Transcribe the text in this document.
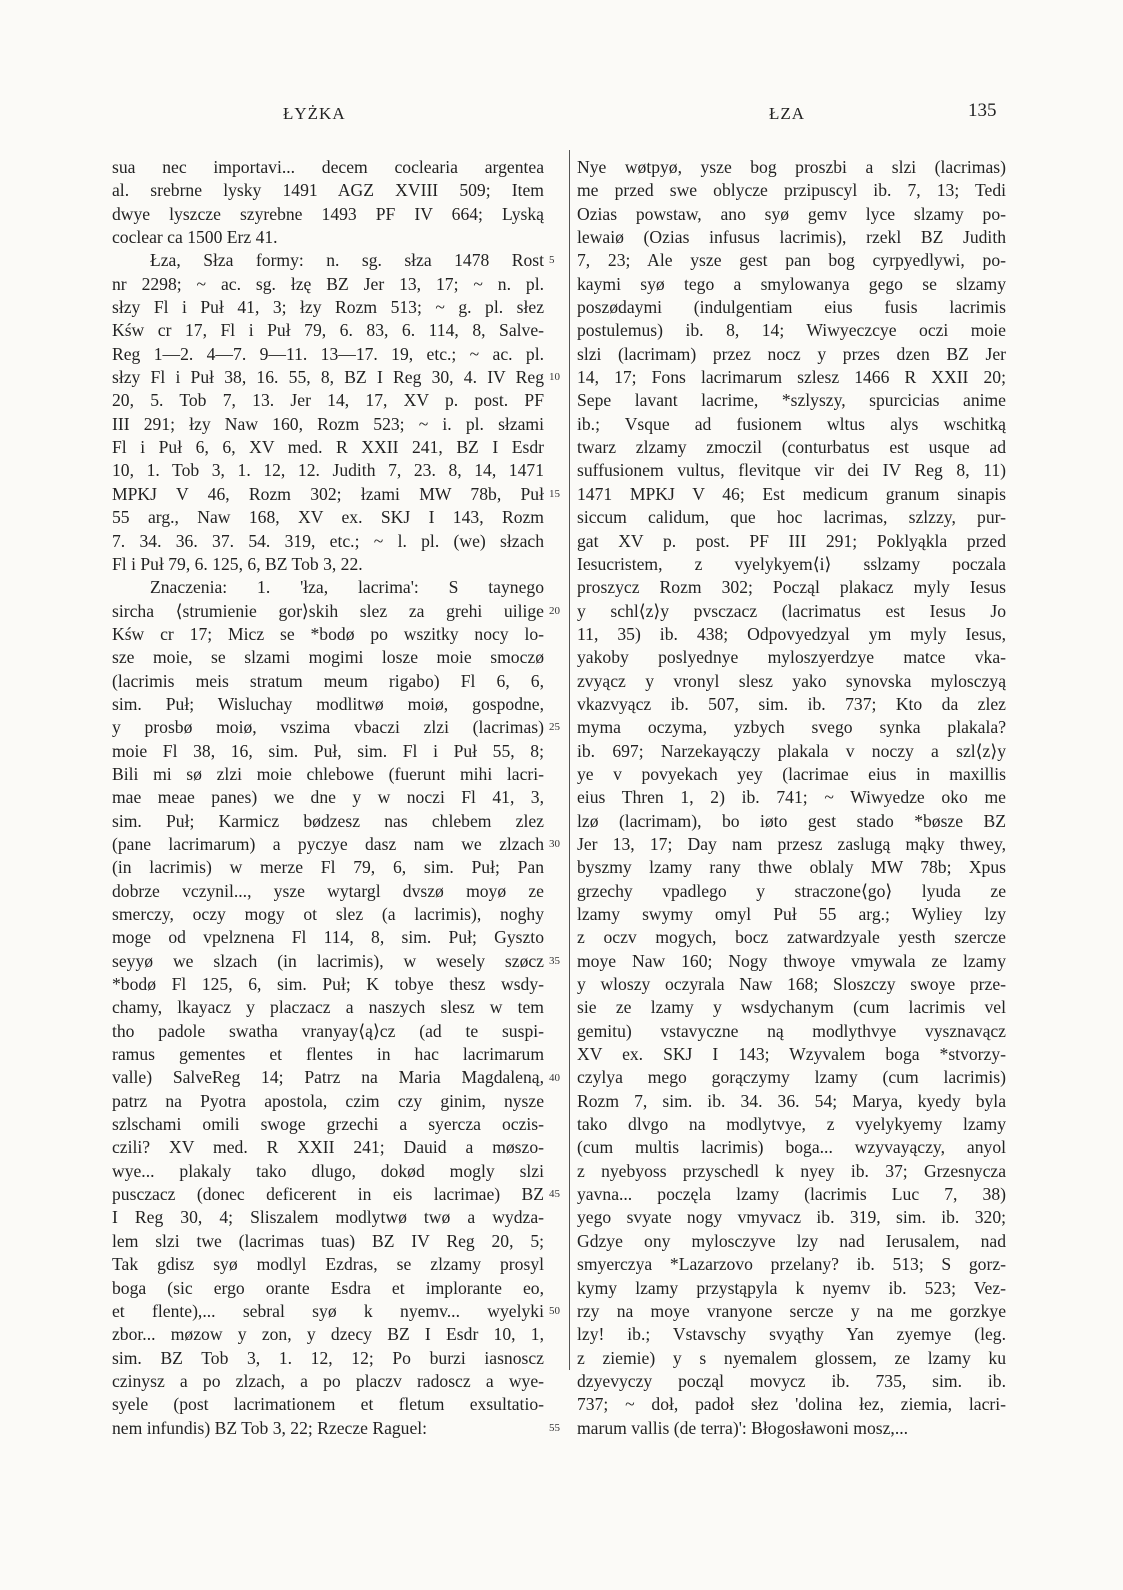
ŁYŻKA	ŁZA	135
sua nec importavi... decem coclearia argentea
al. srebrne lysky 1491 AGZ XVIII 509; Item
dwye lyszcze szyrebne 1493 PF IV 664; Lyską
coclear ca 1500 Erz 41.
Łza, Słza formy: n. sg. słza 1478 Rost
nr 2298; ~ ac. sg. łzę BZ Jer 13, 17; ~ n. pl.
słzy Fl i Puł 41, 3; łzy Rozm 513; ~ g. pl. słez
Kśw cr 17, Fl i Puł 79, 6. 83, 6. 114, 8, Salve-
Reg 1—2. 4—7. 9—11. 13—17. 19, etc.; ~ ac. pl.
słzy Fl i Puł 38, 16. 55, 8, BZ I Reg 30, 4. IV Reg
20, 5. Tob 7, 13. Jer 14, 17, XV p. post. PF
III 291; łzy Naw 160, Rozm 523; ~ i. pl. słzami
Fl i Puł 6, 6, XV med. R XXII 241, BZ I Esdr
10, 1. Tob 3, 1. 12, 12. Judith 7, 23. 8, 14, 1471
MPKJ V 46, Rozm 302; łzami MW 78b, Puł
55 arg., Naw 168, XV ex. SKJ I 143, Rozm
7. 34. 36. 37. 54. 319, etc.; ~ l. pl. (we) słzach
Fl i Puł 79, 6. 125, 6, BZ Tob 3, 22.
Znaczenia: 1. 'łza, lacrima': S taynego
sircha ⟨strumienie gor⟩skih slez za grehi uilige
Kśw cr 17; Micz se *bodø po wszitky nocy lo-
sze moie, se slzami mogimi losze moie smoczø
(lacrimis meis stratum meum rigabo) Fl 6, 6,
sim. Puł; Wisluchay modlitwø moiø, gospodne,
y prosbø moiø, vszima vbaczi zlzi (lacrimas)
moie Fl 38, 16, sim. Puł, sim. Fl i Puł 55, 8;
Bili mi sø zlzi moie chlebowe (fuerunt mihi lacri-
mae meae panes) we dne y w noczi Fl 41, 3,
sim. Puł; Karmicz bødzesz nas chlebem zlez
(pane lacrimarum) a pyczye dasz nam we zlzach
(in lacrimis) w merze Fl 79, 6, sim. Puł; Pan
dobrze vczynil..., ysze wytargl dvszø moyø ze
smerczy, oczy mogy ot slez (a lacrimis), noghy
moge od vpelznena Fl 114, 8, sim. Puł; Gyszto
seyyø we slzach (in lacrimis), w wesely szøcz
*bodø Fl 125, 6, sim. Puł; K tobye thesz wsdy-
chamy, lkayacz y placzacz a naszych slesz w tem
tho padole swatha vranyay⟨ą⟩cz (ad te suspi-
ramus gementes et flentes in hac lacrimarum
valle) SalveReg 14; Patrz na Maria Magdaleną,
patrz na Pyotra apostola, czim czy ginim, nysze
szlschami omili swoge grzechi a syercza oczis-
czili? XV med. R XXII 241; Dauid a møszo-
wye... plakaly tako dlugo, dokød mogly slzi
pusczacz (donec deficerent in eis lacrimae) BZ
I Reg 30, 4; Sliszalem modlytwø twø a wydza-
lem slzi twe (lacrimas tuas) BZ IV Reg 20, 5;
Tak gdisz syø modlyl Ezdras, se zlzamy prosyl
boga (sic ergo orante Esdra et implorante eo,
et flente),... sebral syø k nyemv... wyelyki
zbor... møzow y zon, y dzecy BZ I Esdr 10, 1,
sim. BZ Tob 3, 1. 12, 12; Po burzi iasnoscz
czinysz a po zlzach, a po placzv radoscz a wye-
syele (post lacrimationem et fletum exsultatio-
nem infundis) BZ Tob 3, 22; Rzecze Raguel:
5
10
15
20
25
30
35
40
45
50
55
Nye wøtpyø, ysze bog proszbi a slzi (lacrimas)
me przed swe oblycze przipuscyl ib. 7, 13; Tedi
Ozias powstaw, ano syø gemv lyce slzamy po-
lewaiø (Ozias infusus lacrimis), rzekl BZ Judith
7, 23; Ale ysze gest pan bog cyrpyedlywi, po-
kaymi syø tego a smylowanya gego se slzamy
poszødaymi (indulgentiam eius fusis lacrimis
postulemus) ib. 8, 14; Wiwyeczcye oczi moie
slzi (lacrimam) przez nocz y przes dzen BZ Jer
14, 17; Fons lacrimarum szlesz 1466 R XXII 20;
Sepe lavant lacrime, *szlyszy, spurcicias anime
ib.; Vsque ad fusionem wltus alys wschitką
twarz zlzamy zmoczil (conturbatus est usque ad
suffusionem vultus, flevitque vir dei IV Reg 8, 11)
1471 MPKJ V 46; Est medicum granum sinapis
siccum calidum, que hoc lacrimas, szlzzy, pur-
gat XV p. post. PF III 291; Poklyąkla przed
Iesucristem, z vyelykyem⟨i⟩ sslzamy poczala
proszycz Rozm 302; Począl plakacz myly Iesus
y schl⟨z⟩y pvsczacz (lacrimatus est Iesus Jo
11, 35) ib. 438; Odpovyedzyal ym myly Iesus,
yakoby poslyednye myloszyerdzye matce vka-
zvyącz y vronyl slesz yako synovska mylosczyą
vkazvyącz ib. 507, sim. ib. 737; Kto da zlez
myma oczyma, yzbych svego synka plakala?
ib. 697; Narzekayączy plakala v noczy a szl⟨z⟩y
ye v povyekach yey (lacrimae eius in maxillis
eius Thren 1, 2) ib. 741; ~ Wiwyedze oko me
lzø (lacrimam), bo iøto gest stado *bøsze BZ
Jer 13, 17; Day nam przesz zaslugą mąky thwey,
byszmy lzamy rany thwe oblaly MW 78b; Xpus
grzechy vpadlego y straczone⟨go⟩ lyuda ze
lzamy swymy omyl Puł 55 arg.; Wyliey lzy
z oczv mogych, bocz zatwardzyale yesth szercze
moye Naw 160; Nogy thwoye vmywala ze lzamy
y wloszy oczyrala Naw 168; Sloszczy swoye prze-
sie ze lzamy y wsdychanym (cum lacrimis vel
gemitu) vstavyczne ną modlythvye vysznavącz
XV ex. SKJ I 143; Wzyvalem boga *stvorzy-
czylya mego gorączymy lzamy (cum lacrimis)
Rozm 7, sim. ib. 34. 36. 54; Marya, kyedy byla
tako dlvgo na modlytvye, z vyelykyemy lzamy
(cum multis lacrimis) boga... wzyvayączy, anyol
z nyebyoss przyschedl k nyey ib. 37; Grzesnycza
yavna... poczęla lzamy (lacrimis Luc 7, 38)
yego svyate nogy vmyvacz ib. 319, sim. ib. 320;
Gdzye ony mylosczyve lzy nad Ierusalem, nad
smyerczya *Lazarzovo przelany? ib. 513; S gorz-
kymy lzamy przystąpyla k nyemv ib. 523; Vez-
rzy na moye vranyone sercze y na me gorzkye
lzy! ib.; Vstavschy svyąthy Yan zyemye (leg.
z ziemie) y s nyemalem glossem, ze lzamy ku
dzyevyczy począl movycz ib. 735, sim. ib.
737; ~ doł, padoł słez 'dolina łez, ziemia, lacri-
marum vallis (de terra)': Błogosławoni mosz,...
